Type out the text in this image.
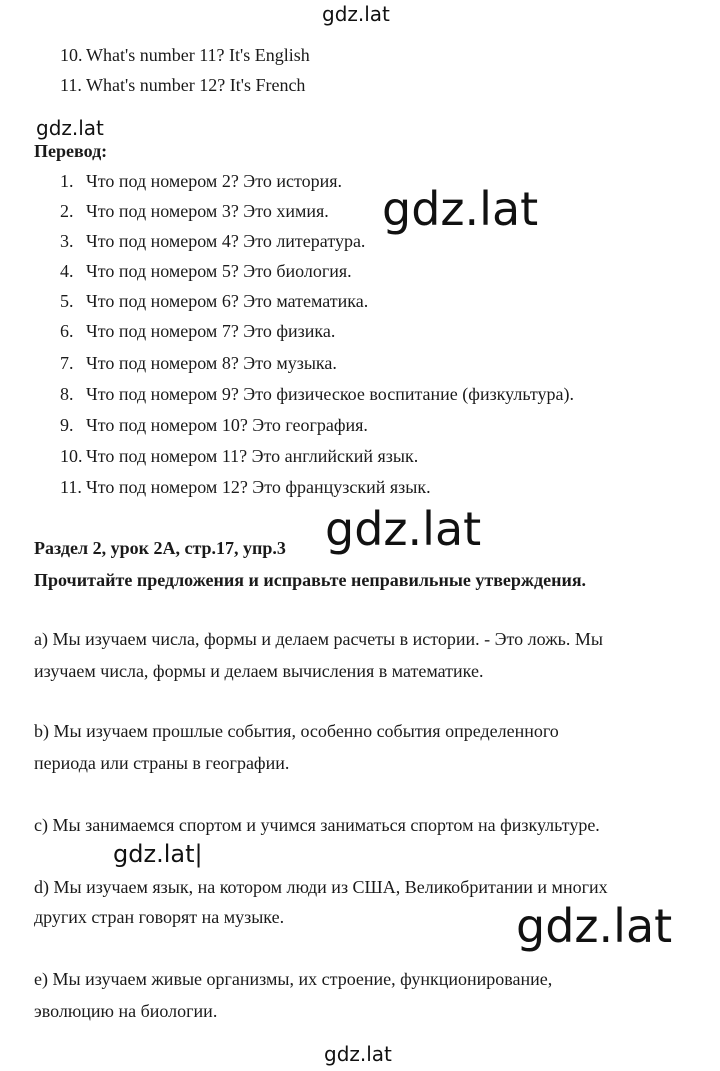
gdz.lat
gdz.lat
gdz.lat
gdz.lat
gdz.lat|
gdz.lat
gdz.lat
10. What's number 11? It's English
11. What's number 12? It's French
Перевод:
1. Что под номером 2? Это история.
2. Что под номером 3? Это химия.
3. Что под номером 4? Это литература.
4. Что под номером 5? Это биология.
5. Что под номером 6? Это математика.
6. Что под номером 7? Это физика.
7. Что под номером 8? Это музыка.
8. Что под номером 9? Это физическое воспитание (физкультура).
9. Что под номером 10? Это география.
10. Что под номером 11? Это английский язык.
11. Что под номером 12? Это французский язык.
Раздел 2, урок 2А, стр.17, упр.3
Прочитайте предложения и исправьте неправильные утверждения.
а) Мы изучаем числа, формы и делаем расчеты в истории. - Это ложь. Мы
изучаем числа, формы и делаем вычисления в математике.
b) Мы изучаем прошлые события, особенно события определенного
периода или страны в географии.
с) Мы занимаемся спортом и учимся заниматься спортом на физкультуре.
d) Мы изучаем язык, на котором люди из США, Великобритании и многих
других стран говорят на музыке.
е) Мы изучаем живые организмы, их строение, функционирование,
эволюцию на биологии.
